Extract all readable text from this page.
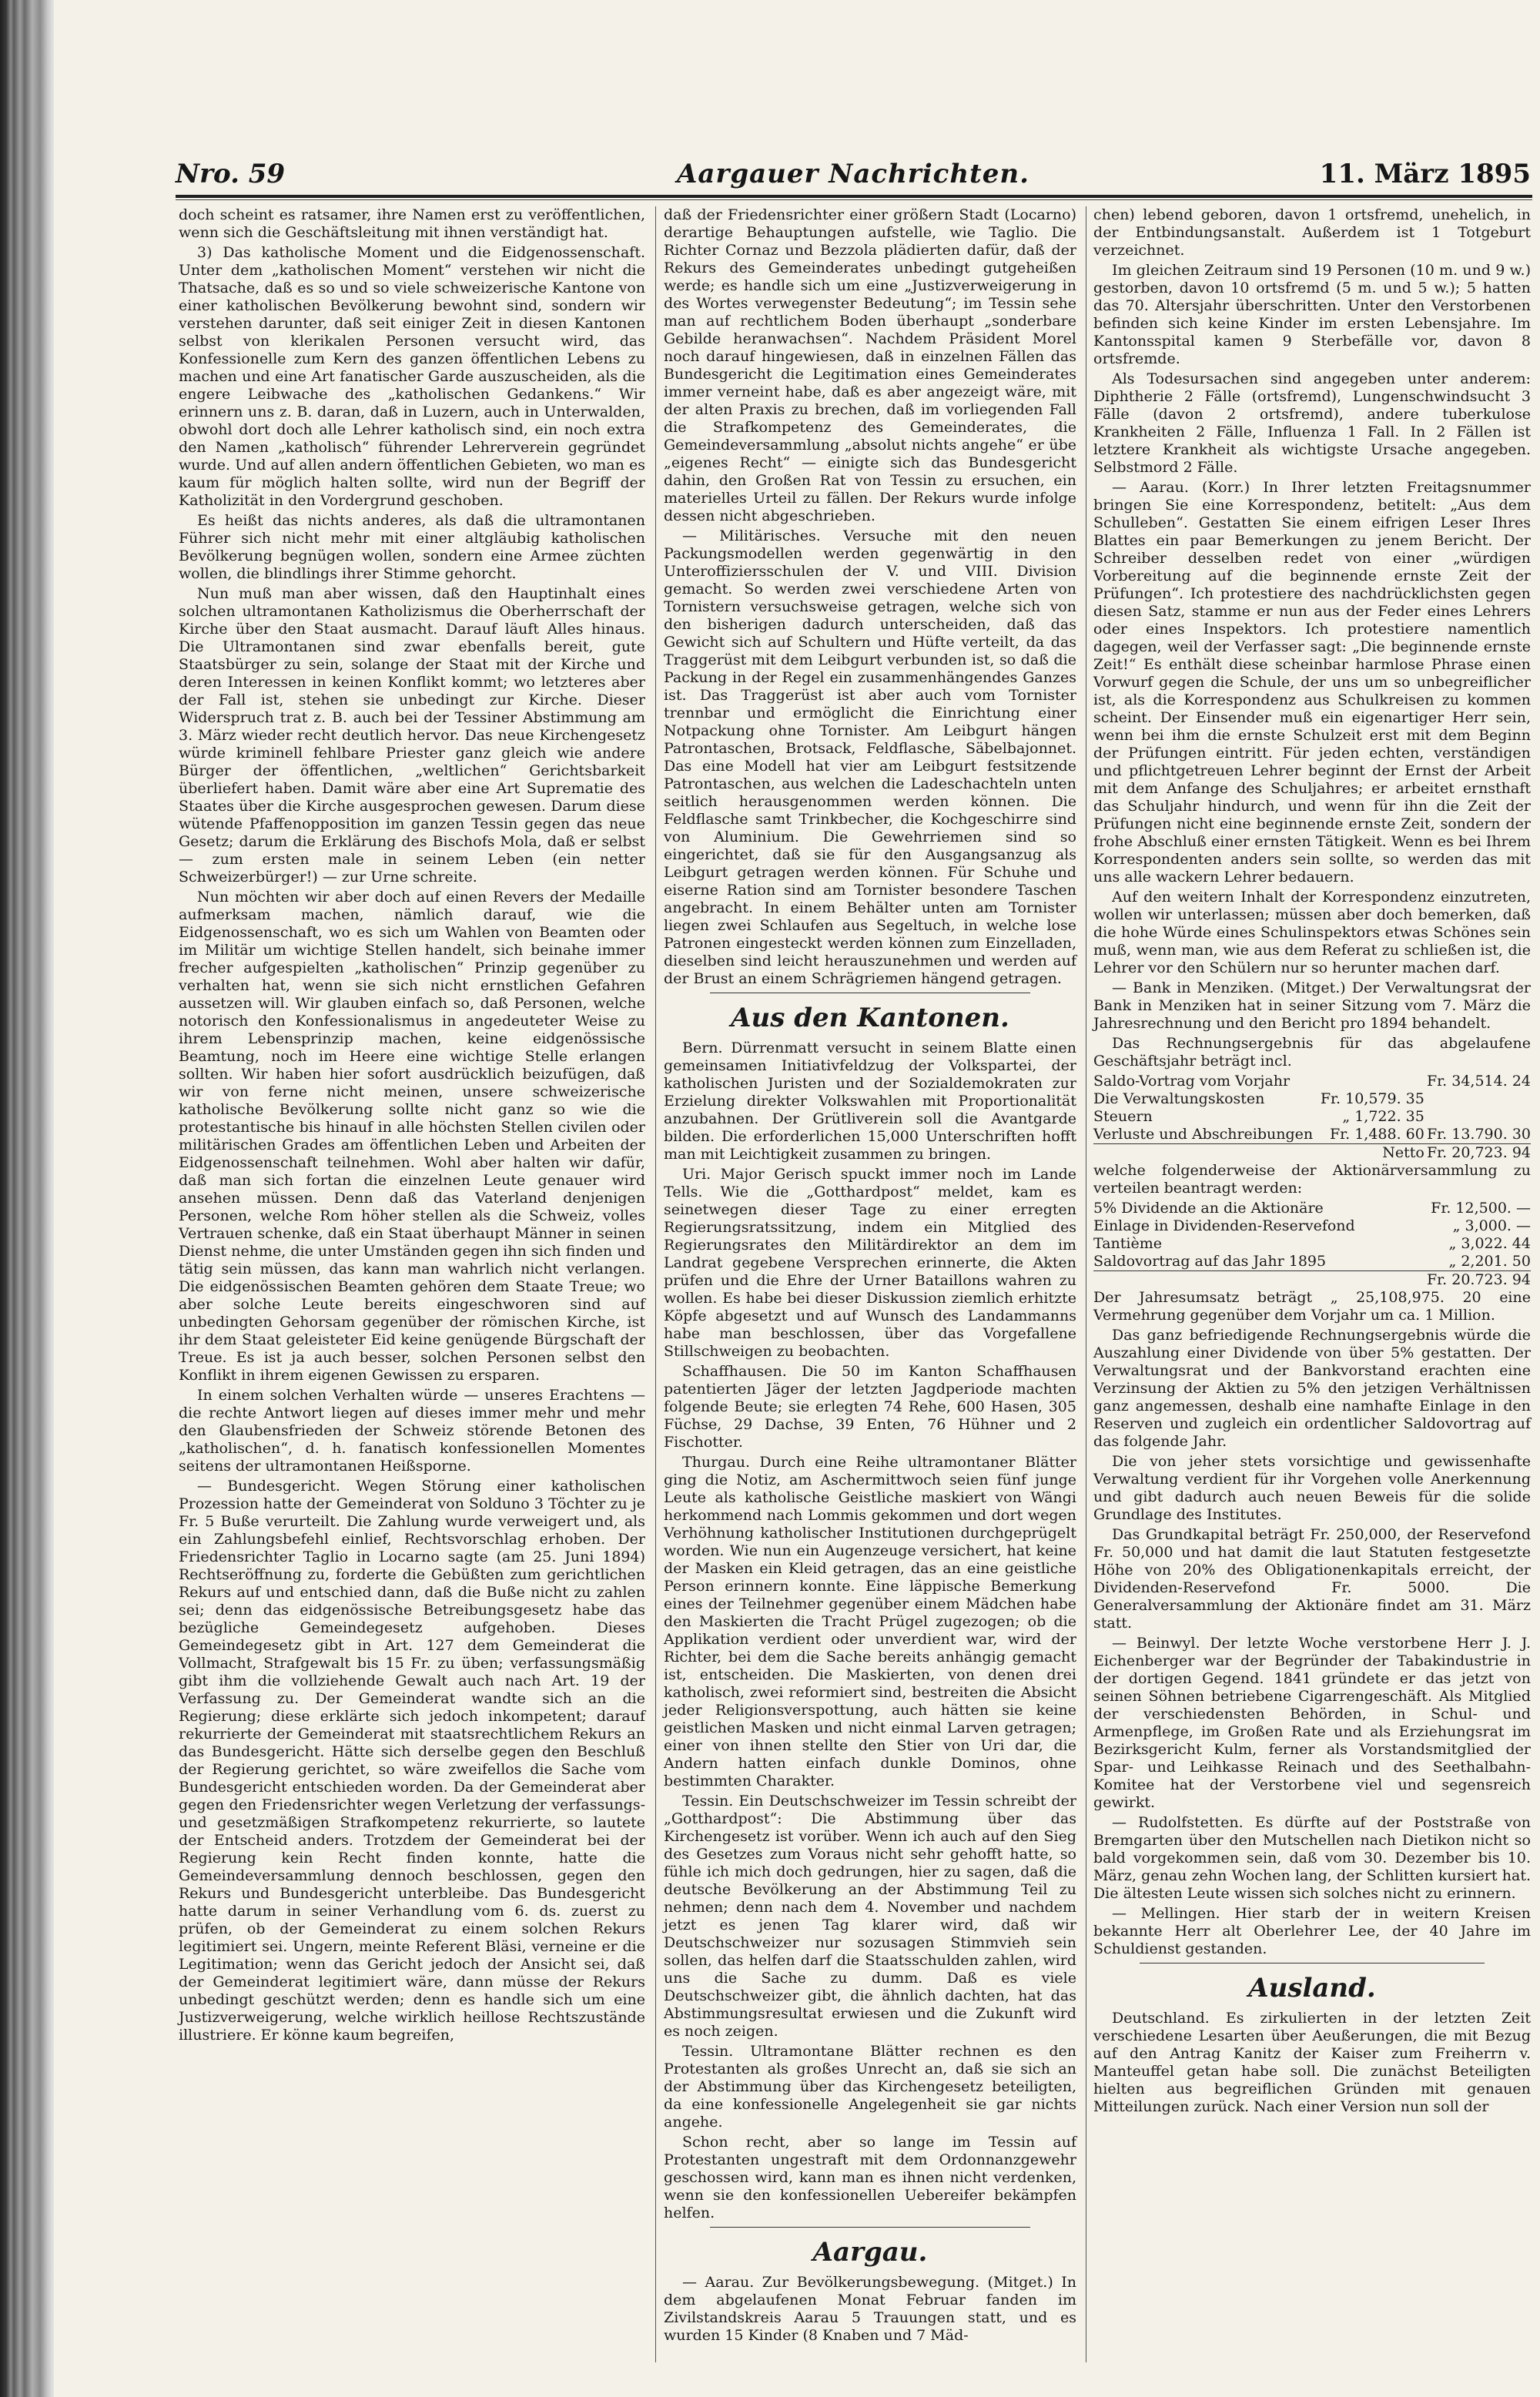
Nro. 59	Aargauer Nachrichten.	11. März 1895

doch scheint es ratsamer, ihre Namen erst zu veröffentlichen, wenn sich die Geschäftsleitung mit ihnen verständigt hat.

3) Das katholische Moment und die Eidgenossenschaft. Unter dem „katholischen Moment“ verstehen wir nicht die Thatsache, daß es so und so viele schweizerische Kantone von einer katholischen Bevölkerung bewohnt sind, sondern wir verstehen darunter, daß seit einiger Zeit in diesen Kantonen selbst von klerikalen Personen versucht wird, das Konfessionelle zum Kern des ganzen öffentlichen Lebens zu machen und eine Art fanatischer Garde auszuscheiden, als die engere Leibwache des „katholischen Gedankens.“ Wir erinnern uns z. B. daran, daß in Luzern, auch in Unterwalden, obwohl dort doch alle Lehrer katholisch sind, ein noch extra den Namen „katholisch“ führender Lehrerverein gegründet wurde. Und auf allen andern öffentlichen Gebieten, wo man es kaum für möglich halten sollte, wird nun der Begriff der Katholizität in den Vordergrund geschoben.

Es heißt das nichts anderes, als daß die ultramontanen Führer sich nicht mehr mit einer altgläubig katholischen Bevölkerung begnügen wollen, sondern eine Armee züchten wollen, die blindlings ihrer Stimme gehorcht.

Nun muß man aber wissen, daß den Hauptinhalt eines solchen ultramontanen Katholizismus die Oberherrschaft der Kirche über den Staat ausmacht. Darauf läuft Alles hinaus. Die Ultramontanen sind zwar ebenfalls bereit, gute Staatsbürger zu sein, solange der Staat mit der Kirche und deren Interessen in keinen Konflikt kommt; wo letzteres aber der Fall ist, stehen sie unbedingt zur Kirche. Dieser Widerspruch trat z. B. auch bei der Tessiner Abstimmung am 3. März wieder recht deutlich hervor. Das neue Kirchengesetz würde kriminell fehlbare Priester ganz gleich wie andere Bürger der öffentlichen, „weltlichen“ Gerichtsbarkeit überliefert haben. Damit wäre aber eine Art Suprematie des Staates über die Kirche ausgesprochen gewesen. Darum diese wütende Pfaffenopposition im ganzen Tessin gegen das neue Gesetz; darum die Erklärung des Bischofs Mola, daß er selbst — zum ersten male in seinem Leben (ein netter Schweizerbürger!) — zur Urne schreite.

Nun möchten wir aber doch auf einen Revers der Medaille aufmerksam machen, nämlich darauf, wie die Eidgenossenschaft, wo es sich um Wahlen von Beamten oder im Militär um wichtige Stellen handelt, sich beinahe immer frecher aufgespielten „katholischen“ Prinzip gegenüber zu verhalten hat, wenn sie sich nicht ernstlichen Gefahren aussetzen will. Wir glauben einfach so, daß Personen, welche notorisch den Konfessionalismus in angedeuteter Weise zu ihrem Lebensprinzip machen, keine eidgenössische Beamtung, noch im Heere eine wichtige Stelle erlangen sollten. Wir haben hier sofort ausdrücklich beizufügen, daß wir von ferne nicht meinen, unsere schweizerische katholische Bevölkerung sollte nicht ganz so wie die protestantische bis hinauf in alle höchsten Stellen civilen oder militärischen Grades am öffentlichen Leben und Arbeiten der Eidgenossenschaft teilnehmen. Wohl aber halten wir dafür, daß man sich fortan die einzelnen Leute genauer wird ansehen müssen. Denn daß das Vaterland denjenigen Personen, welche Rom höher stellen als die Schweiz, volles Vertrauen schenke, daß ein Staat überhaupt Männer in seinen Dienst nehme, die unter Umständen gegen ihn sich finden und tätig sein müssen, das kann man wahrlich nicht verlangen. Die eidgenössischen Beamten gehören dem Staate Treue; wo aber solche Leute bereits eingeschworen sind auf unbedingten Gehorsam gegenüber der römischen Kirche, ist ihr dem Staat geleisteter Eid keine genügende Bürgschaft der Treue. Es ist ja auch besser, solchen Personen selbst den Konflikt in ihrem eigenen Gewissen zu ersparen.

In einem solchen Verhalten würde — unseres Erachtens — die rechte Antwort liegen auf dieses immer mehr und mehr den Glaubensfrieden der Schweiz störende Betonen des „katholischen“, d. h. fanatisch konfessionellen Momentes seitens der ultramontanen Heißsporne.

— Bundesgericht. Wegen Störung einer katholischen Prozession hatte der Gemeinderat von Solduno 3 Töchter zu je Fr. 5 Buße verurteilt. Die Zahlung wurde verweigert und, als ein Zahlungsbefehl einlief, Rechtsvorschlag erhoben. Der Friedensrichter Taglio in Locarno sagte (am 25. Juni 1894) Rechtseröffnung zu, forderte die Gebüßten zum gerichtlichen Rekurs auf und entschied dann, daß die Buße nicht zu zahlen sei; denn das eidgenössische Betreibungsgesetz habe das bezügliche Gemeindegesetz aufgehoben. Dieses Gemeindegesetz gibt in Art. 127 dem Gemeinderat die Vollmacht, Strafgewalt bis 15 Fr. zu üben; verfassungsmäßig gibt ihm die vollziehende Gewalt auch nach Art. 19 der Verfassung zu. Der Gemeinderat wandte sich an die Regierung; diese erklärte sich jedoch inkompetent; darauf rekurrierte der Gemeinderat mit staatsrechtlichem Rekurs an das Bundesgericht. Hätte sich derselbe gegen den Beschluß der Regierung gerichtet, so wäre zweifellos die Sache vom Bundesgericht entschieden worden. Da der Gemeinderat aber gegen den Friedensrichter wegen Verletzung der verfassungs- und gesetzmäßigen Strafkompetenz rekurrierte, so lautete der Entscheid anders. Trotzdem der Gemeinderat bei der Regierung kein Recht finden konnte, hatte die Gemeindeversammlung dennoch beschlossen, gegen den Rekurs und Bundesgericht unterbleibe. Das Bundesgericht hatte darum in seiner Verhandlung vom 6. ds. zuerst zu prüfen, ob der Gemeinderat zu einem solchen Rekurs legitimiert sei. Ungern, meinte Referent Bläsi, verneine er die Legitimation; wenn das Gericht jedoch der Ansicht sei, daß der Gemeinderat legitimiert wäre, dann müsse der Rekurs unbedingt geschützt werden; denn es handle sich um eine Justizverweigerung, welche wirklich heillose Rechtszustände illustriere. Er könne kaum begreifen,

daß der Friedensrichter einer größern Stadt (Locarno) derartige Behauptungen aufstelle, wie Taglio. Die Richter Cornaz und Bezzola plädierten dafür, daß der Rekurs des Gemeinderates unbedingt gutgeheißen werde; es handle sich um eine „Justizverweigerung in des Wortes verwegenster Bedeutung“; im Tessin sehe man auf rechtlichem Boden überhaupt „sonderbare Gebilde heranwachsen“. Nachdem Präsident Morel noch darauf hingewiesen, daß in einzelnen Fällen das Bundesgericht die Legitimation eines Gemeinderates immer verneint habe, daß es aber angezeigt wäre, mit der alten Praxis zu brechen, daß im vorliegenden Fall die Strafkompetenz des Gemeinderates, die Gemeindeversammlung „absolut nichts angehe“ er übe „eigenes Recht“ — einigte sich das Bundesgericht dahin, den Großen Rat von Tessin zu ersuchen, ein materielles Urteil zu fällen. Der Rekurs wurde infolge dessen nicht abgeschrieben.

— Militärisches. Versuche mit den neuen Packungsmodellen werden gegenwärtig in den Unteroffiziersschulen der V. und VIII. Division gemacht. So werden zwei verschiedene Arten von Tornistern versuchsweise getragen, welche sich von den bisherigen dadurch unterscheiden, daß das Gewicht sich auf Schultern und Hüfte verteilt, da das Traggerüst mit dem Leibgurt verbunden ist, so daß die Packung in der Regel ein zusammenhängendes Ganzes ist. Das Traggerüst ist aber auch vom Tornister trennbar und ermöglicht die Einrichtung einer Notpackung ohne Tornister. Am Leibgurt hängen Patrontaschen, Brotsack, Feldflasche, Säbelbajonnet. Das eine Modell hat vier am Leibgurt festsitzende Patrontaschen, aus welchen die Ladeschachteln unten seitlich herausgenommen werden können. Die Feldflasche samt Trinkbecher, die Kochgeschirre sind von Aluminium. Die Gewehrriemen sind so eingerichtet, daß sie für den Ausgangsanzug als Leibgurt getragen werden können. Für Schuhe und eiserne Ration sind am Tornister besondere Taschen angebracht. In einem Behälter unten am Tornister liegen zwei Schlaufen aus Segeltuch, in welche lose Patronen eingesteckt werden können zum Einzelladen, dieselben sind leicht herauszunehmen und werden auf der Brust an einem Schrägriemen hängend getragen.

Aus den Kantonen.

Bern. Dürrenmatt versucht in seinem Blatte einen gemeinsamen Initiativfeldzug der Volkspartei, der katholischen Juristen und der Sozialdemokraten zur Erzielung direkter Volkswahlen mit Proportionalität anzubahnen. Der Grütliverein soll die Avantgarde bilden. Die erforderlichen 15,000 Unterschriften hofft man mit Leichtigkeit zusammen zu bringen.

Uri. Major Gerisch spuckt immer noch im Lande Tells. Wie die „Gotthardpost“ meldet, kam es seinetwegen dieser Tage zu einer erregten Regierungsratssitzung, indem ein Mitglied des Regierungsrates den Militärdirektor an dem im Landrat gegebene Versprechen erinnerte, die Akten prüfen und die Ehre der Urner Bataillons wahren zu wollen. Es habe bei dieser Diskussion ziemlich erhitzte Köpfe abgesetzt und auf Wunsch des Landammanns habe man beschlossen, über das Vorgefallene Stillschweigen zu beobachten.

Schaffhausen. Die 50 im Kanton Schaffhausen patentierten Jäger der letzten Jagdperiode machten folgende Beute; sie erlegten 74 Rehe, 600 Hasen, 305 Füchse, 29 Dachse, 39 Enten, 76 Hühner und 2 Fischotter.

Thurgau. Durch eine Reihe ultramontaner Blätter ging die Notiz, am Aschermittwoch seien fünf junge Leute als katholische Geistliche maskiert von Wängi herkommend nach Lommis gekommen und dort wegen Verhöhnung katholischer Institutionen durchgeprügelt worden. Wie nun ein Augenzeuge versichert, hat keine der Masken ein Kleid getragen, das an eine geistliche Person erinnern konnte. Eine läppische Bemerkung eines der Teilnehmer gegenüber einem Mädchen habe den Maskierten die Tracht Prügel zugezogen; ob die Applikation verdient oder unverdient war, wird der Richter, bei dem die Sache bereits anhängig gemacht ist, entscheiden. Die Maskierten, von denen drei katholisch, zwei reformiert sind, bestreiten die Absicht jeder Religionsverspottung, auch hätten sie keine geistlichen Masken und nicht einmal Larven getragen; einer von ihnen stellte den Stier von Uri dar, die Andern hatten einfach dunkle Dominos, ohne bestimmten Charakter.

Tessin. Ein Deutschschweizer im Tessin schreibt der „Gotthardpost“: Die Abstimmung über das Kirchengesetz ist vorüber. Wenn ich auch auf den Sieg des Gesetzes zum Voraus nicht sehr gehofft hatte, so fühle ich mich doch gedrungen, hier zu sagen, daß die deutsche Bevölkerung an der Abstimmung Teil zu nehmen; denn nach dem 4. November und nachdem jetzt es jenen Tag klarer wird, daß wir Deutschschweizer nur sozusagen Stimmvieh sein sollen, das helfen darf die Staatsschulden zahlen, wird uns die Sache zu dumm. Daß es viele Deutschschweizer gibt, die ähnlich dachten, hat das Abstimmungsresultat erwiesen und die Zukunft wird es noch zeigen.

Tessin. Ultramontane Blätter rechnen es den Protestanten als großes Unrecht an, daß sie sich an der Abstimmung über das Kirchengesetz beteiligten, da eine konfessionelle Angelegenheit sie gar nichts angehe.

Schon recht, aber so lange im Tessin auf Protestanten ungestraft mit dem Ordonnanzgewehr geschossen wird, kann man es ihnen nicht verdenken, wenn sie den konfessionellen Uebereifer bekämpfen helfen.

Aargau.

— Aarau. Zur Bevölkerungsbewegung. (Mitget.) In dem abgelaufenen Monat Februar fanden im Zivilstandskreis Aarau 5 Trauungen statt, und es wurden 15 Kinder (8 Knaben und 7 Mäd-

chen) lebend geboren, davon 1 ortsfremd, unehelich, in der Entbindungsanstalt. Außerdem ist 1 Totgeburt verzeichnet.

Im gleichen Zeitraum sind 19 Personen (10 m. und 9 w.) gestorben, davon 10 ortsfremd (5 m. und 5 w.); 5 hatten das 70. Altersjahr überschritten. Unter den Verstorbenen befinden sich keine Kinder im ersten Lebensjahre. Im Kantonsspital kamen 9 Sterbefälle vor, davon 8 ortsfremde.

Als Todesursachen sind angegeben unter anderem: Diphtherie 2 Fälle (ortsfremd), Lungenschwindsucht 3 Fälle (davon 2 ortsfremd), andere tuberkulose Krankheiten 2 Fälle, Influenza 1 Fall. In 2 Fällen ist letztere Krankheit als wichtigste Ursache angegeben. Selbstmord 2 Fälle.

— Aarau. (Korr.) In Ihrer letzten Freitagsnummer bringen Sie eine Korrespondenz, betitelt: „Aus dem Schulleben“. Gestatten Sie einem eifrigen Leser Ihres Blattes ein paar Bemerkungen zu jenem Bericht. Der Schreiber desselben redet von einer „würdigen Vorbereitung auf die beginnende ernste Zeit der Prüfungen“. Ich protestiere des nachdrücklichsten gegen diesen Satz, stamme er nun aus der Feder eines Lehrers oder eines Inspektors. Ich protestiere namentlich dagegen, weil der Verfasser sagt: „Die beginnende ernste Zeit!“ Es enthält diese scheinbar harmlose Phrase einen Vorwurf gegen die Schule, der uns um so unbegreiflicher ist, als die Korrespondenz aus Schulkreisen zu kommen scheint. Der Einsender muß ein eigenartiger Herr sein, wenn bei ihm die ernste Schulzeit erst mit dem Beginn der Prüfungen eintritt. Für jeden echten, verständigen und pflichtgetreuen Lehrer beginnt der Ernst der Arbeit mit dem Anfange des Schuljahres; er arbeitet ernsthaft das Schuljahr hindurch, und wenn für ihn die Zeit der Prüfungen nicht eine beginnende ernste Zeit, sondern der frohe Abschluß einer ernsten Tätigkeit. Wenn es bei Ihrem Korrespondenten anders sein sollte, so werden das mit uns alle wackern Lehrer bedauern.

Auf den weitern Inhalt der Korrespondenz einzutreten, wollen wir unterlassen; müssen aber doch bemerken, daß die hohe Würde eines Schulinspektors etwas Schönes sein muß, wenn man, wie aus dem Referat zu schließen ist, die Lehrer vor den Schülern nur so herunter machen darf.

— Bank in Menziken. (Mitget.) Der Verwaltungsrat der Bank in Menziken hat in seiner Sitzung vom 7. März die Jahresrechnung und den Bericht pro 1894 behandelt.

Das Rechnungsergebnis für das abgelaufene Geschäftsjahr beträgt incl.

Saldo-Vortrag vom Vorjahr		Fr. 34,514. 24
Die Verwaltungskosten	Fr. 10,579. 35	
Steuern	„ 1,722. 35	
Verluste und Abschreibungen	Fr. 1,488. 60	Fr. 13.790. 30
	Netto	Fr. 20,723. 94

welche folgenderweise der Aktionärversammlung zu verteilen beantragt werden:

5% Dividende an die Aktionäre	Fr. 12,500. —
Einlage in Dividenden-Reservefond	„ 3,000. —
Tantième	„ 3,022. 44
Saldovortrag auf das Jahr 1895	„ 2,201. 50
	Fr. 20.723. 94

Der Jahresumsatz beträgt „ 25,108,975. 20 eine Vermehrung gegenüber dem Vorjahr um ca. 1 Million.

Das ganz befriedigende Rechnungsergebnis würde die Auszahlung einer Dividende von über 5% gestatten. Der Verwaltungsrat und der Bankvorstand erachten eine Verzinsung der Aktien zu 5% den jetzigen Verhältnissen ganz angemessen, deshalb eine namhafte Einlage in den Reserven und zugleich ein ordentlicher Saldovortrag auf das folgende Jahr.

Die von jeher stets vorsichtige und gewissenhafte Verwaltung verdient für ihr Vorgehen volle Anerkennung und gibt dadurch auch neuen Beweis für die solide Grundlage des Institutes.

Das Grundkapital beträgt Fr. 250,000, der Reservefond Fr. 50,000 und hat damit die laut Statuten festgesetzte Höhe von 20% des Obligationenkapitals erreicht, der Dividenden-Reservefond Fr. 5000. Die Generalversammlung der Aktionäre findet am 31. März statt.

— Beinwyl. Der letzte Woche verstorbene Herr J. J. Eichenberger war der Begründer der Tabakindustrie in der dortigen Gegend. 1841 gründete er das jetzt von seinen Söhnen betriebene Cigarrengeschäft. Als Mitglied der verschiedensten Behörden, in Schul- und Armenpflege, im Großen Rate und als Erziehungsrat im Bezirksgericht Kulm, ferner als Vorstandsmitglied der Spar- und Leihkasse Reinach und des Seethalbahn-Komitee hat der Verstorbene viel und segensreich gewirkt.

— Rudolfstetten. Es dürfte auf der Poststraße von Bremgarten über den Mutschellen nach Dietikon nicht so bald vorgekommen sein, daß vom 30. Dezember bis 10. März, genau zehn Wochen lang, der Schlitten kursiert hat. Die ältesten Leute wissen sich solches nicht zu erinnern.

— Mellingen. Hier starb der in weitern Kreisen bekannte Herr alt Oberlehrer Lee, der 40 Jahre im Schuldienst gestanden.

Ausland.

Deutschland. Es zirkulierten in der letzten Zeit verschiedene Lesarten über Aeußerungen, die mit Bezug auf den Antrag Kanitz der Kaiser zum Freiherrn v. Manteuffel getan habe soll. Die zunächst Beteiligten hielten aus begreiflichen Gründen mit genauen Mitteilungen zurück. Nach einer Version nun soll der
